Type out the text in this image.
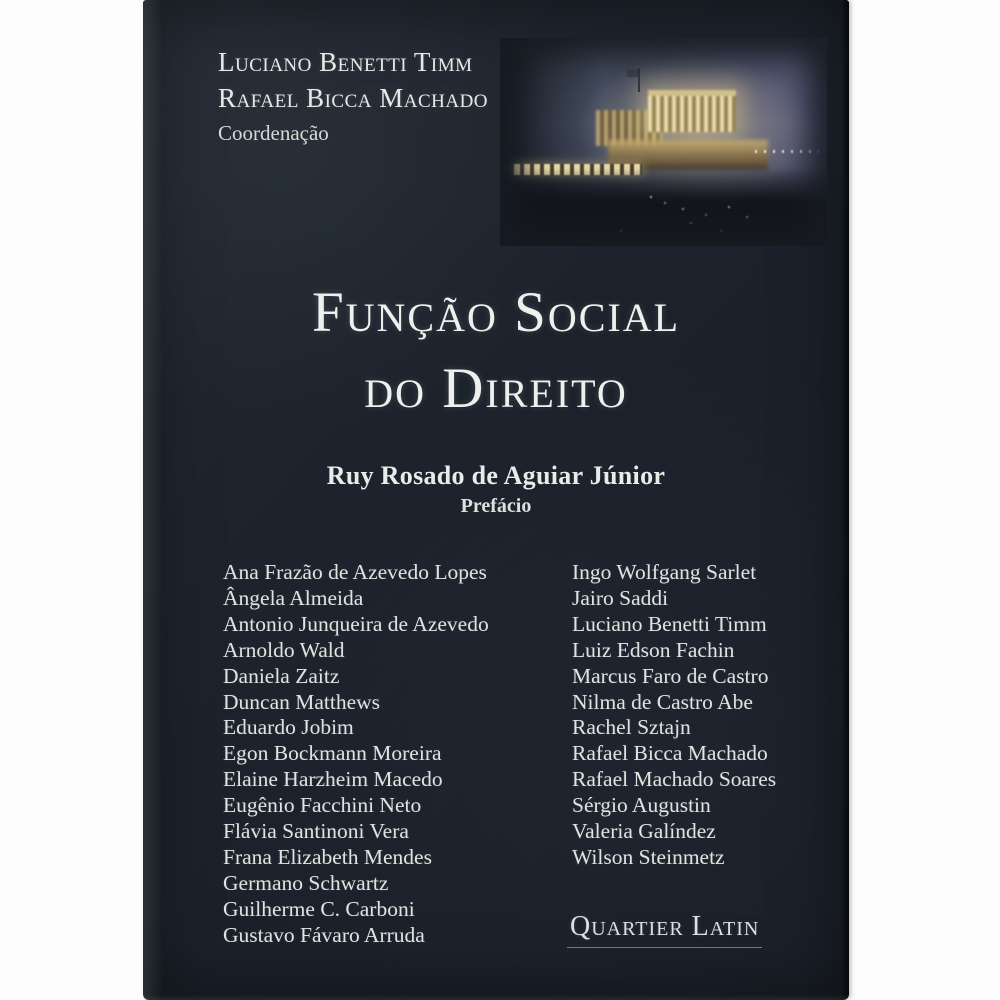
Luciano Benetti Timm
Rafael Bicca Machado
Coordenação
Função Social
do Direito
Ruy Rosado de Aguiar Júnior
Prefácio
Ana Frazão de Azevedo Lopes
Ângela Almeida
Antonio Junqueira de Azevedo
Arnoldo Wald
Daniela Zaitz
Duncan Matthews
Eduardo Jobim
Egon Bockmann Moreira
Elaine Harzheim Macedo
Eugênio Facchini Neto
Flávia Santinoni Vera
Frana Elizabeth Mendes
Germano Schwartz
Guilherme C. Carboni
Gustavo Fávaro Arruda
Ingo Wolfgang Sarlet
Jairo Saddi
Luciano Benetti Timm
Luiz Edson Fachin
Marcus Faro de Castro
Nilma de Castro Abe
Rachel Sztajn
Rafael Bicca Machado
Rafael Machado Soares
Sérgio Augustin
Valeria Galíndez
Wilson Steinmetz
Quartier Latin
